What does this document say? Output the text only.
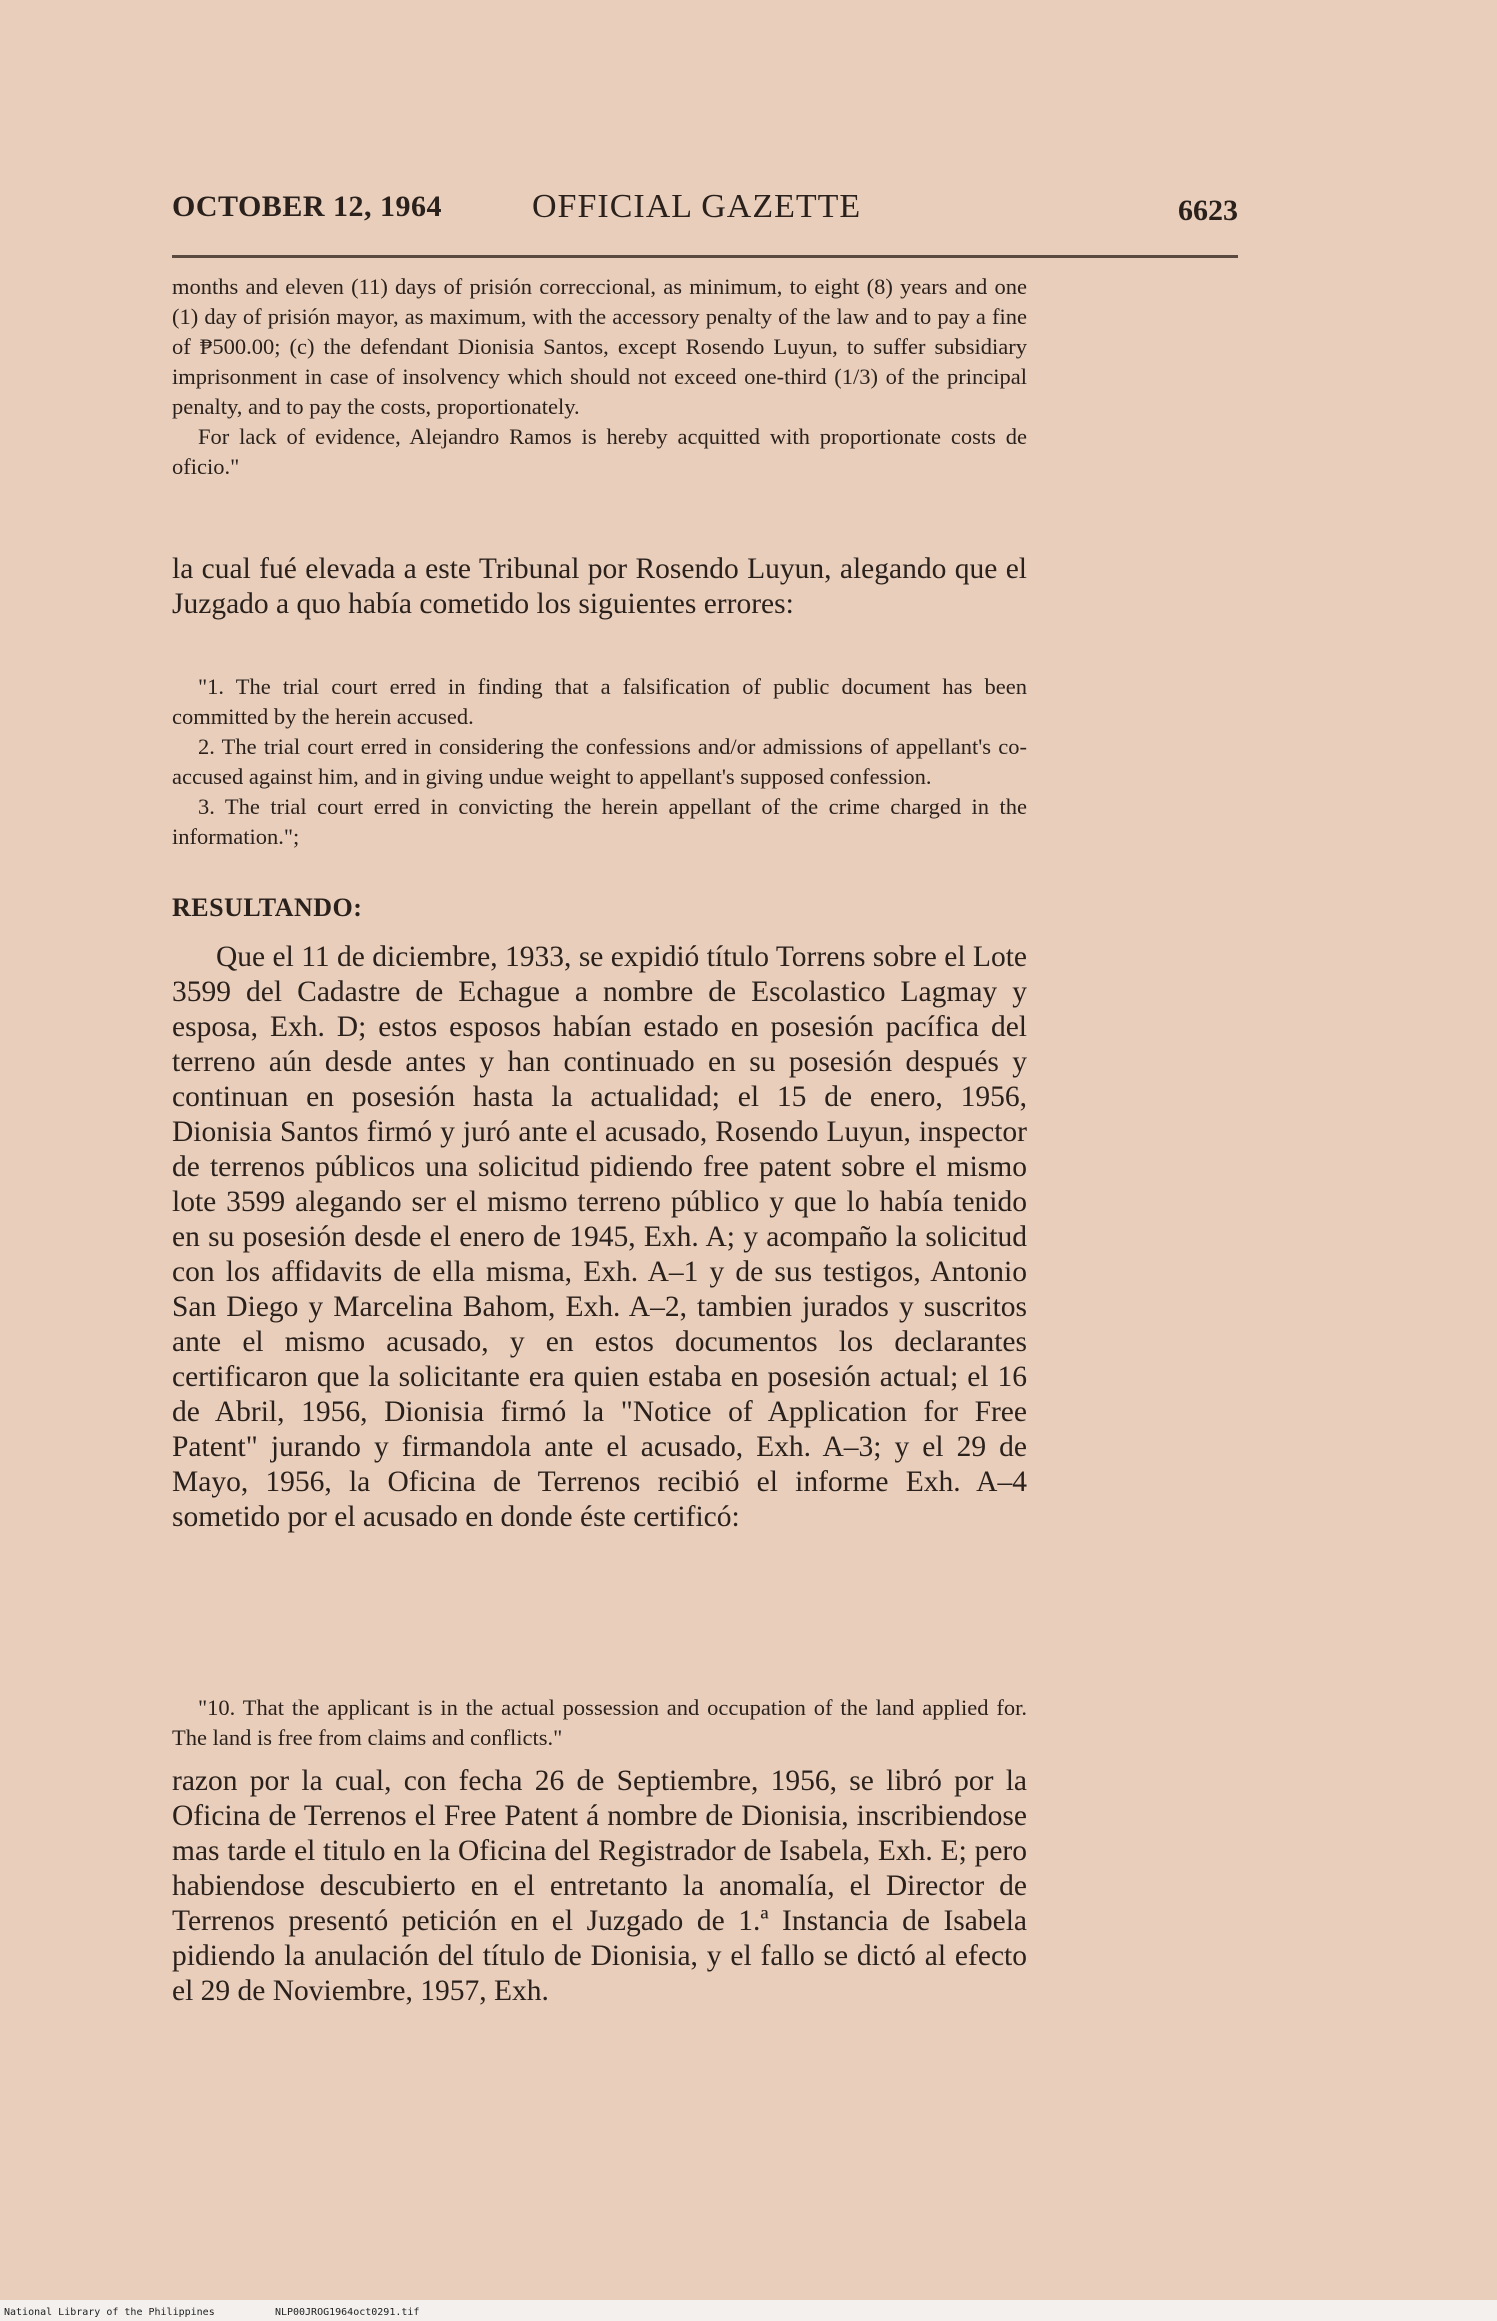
OCTOBER 12, 1964	OFFICIAL GAZETTE	6623

months and eleven (11) days of prisión correccional, as minimum, to eight (8) years and one (1) day of prisión mayor, as maximum, with the accessory penalty of the law and to pay a fine of ₱500.00; (c) the defendant Dionisia Santos, except Rosendo Luyun, to suffer subsidiary imprisonment in case of insolvency which should not exceed one-third (1/3) of the principal penalty, and to pay the costs, proportionately.

For lack of evidence, Alejandro Ramos is hereby acquitted with proportionate costs de oficio."

la cual fué elevada a este Tribunal por Rosendo Luyun, alegando que el Juzgado a quo había cometido los siguientes errores:

"1. The trial court erred in finding that a falsification of public document has been committed by the herein accused.

2. The trial court erred in considering the confessions and/or admissions of appellant's co-accused against him, and in giving undue weight to appellant's supposed confession.

3. The trial court erred in convicting the herein appellant of the crime charged in the information.";

RESULTANDO:

Que el 11 de diciembre, 1933, se expidió título Torrens sobre el Lote 3599 del Cadastre de Echague a nombre de Escolastico Lagmay y esposa, Exh. D; estos esposos habían estado en posesión pacífica del terreno aún desde antes y han continuado en su posesión después y continuan en posesión hasta la actualidad; el 15 de enero, 1956, Dionisia Santos firmó y juró ante el acusado, Rosendo Luyun, inspector de terrenos públicos una solicitud pidiendo free patent sobre el mismo lote 3599 alegando ser el mismo terreno público y que lo había tenido en su posesión desde el enero de 1945, Exh. A; y acompaño la solicitud con los affidavits de ella misma, Exh. A–1 y de sus testigos, Antonio San Diego y Marcelina Bahom, Exh. A–2, tambien jurados y suscritos ante el mismo acusado, y en estos documentos los declarantes certificaron que la solicitante era quien estaba en posesión actual; el 16 de Abril, 1956, Dionisia firmó la "Notice of Application for Free Patent" jurando y firmandola ante el acusado, Exh. A–3; y el 29 de Mayo, 1956, la Oficina de Terrenos recibió el informe Exh. A–4 sometido por el acusado en donde éste certificó:

"10. That the applicant is in the actual possession and occupation of the land applied for. The land is free from claims and conflicts."

razon por la cual, con fecha 26 de Septiembre, 1956, se libró por la Oficina de Terrenos el Free Patent á nombre de Dionisia, inscribiendose mas tarde el titulo en la Oficina del Registrador de Isabela, Exh. E; pero habiendose descubierto en el entretanto la anomalía, el Director de Terrenos presentó petición en el Juzgado de 1.ª Instancia de Isabela pidiendo la anulación del título de Dionisia, y el fallo se dictó al efecto el 29 de Noviembre, 1957, Exh.

National Library of the Philippines	NLP00JROG1964oct0291.tif
